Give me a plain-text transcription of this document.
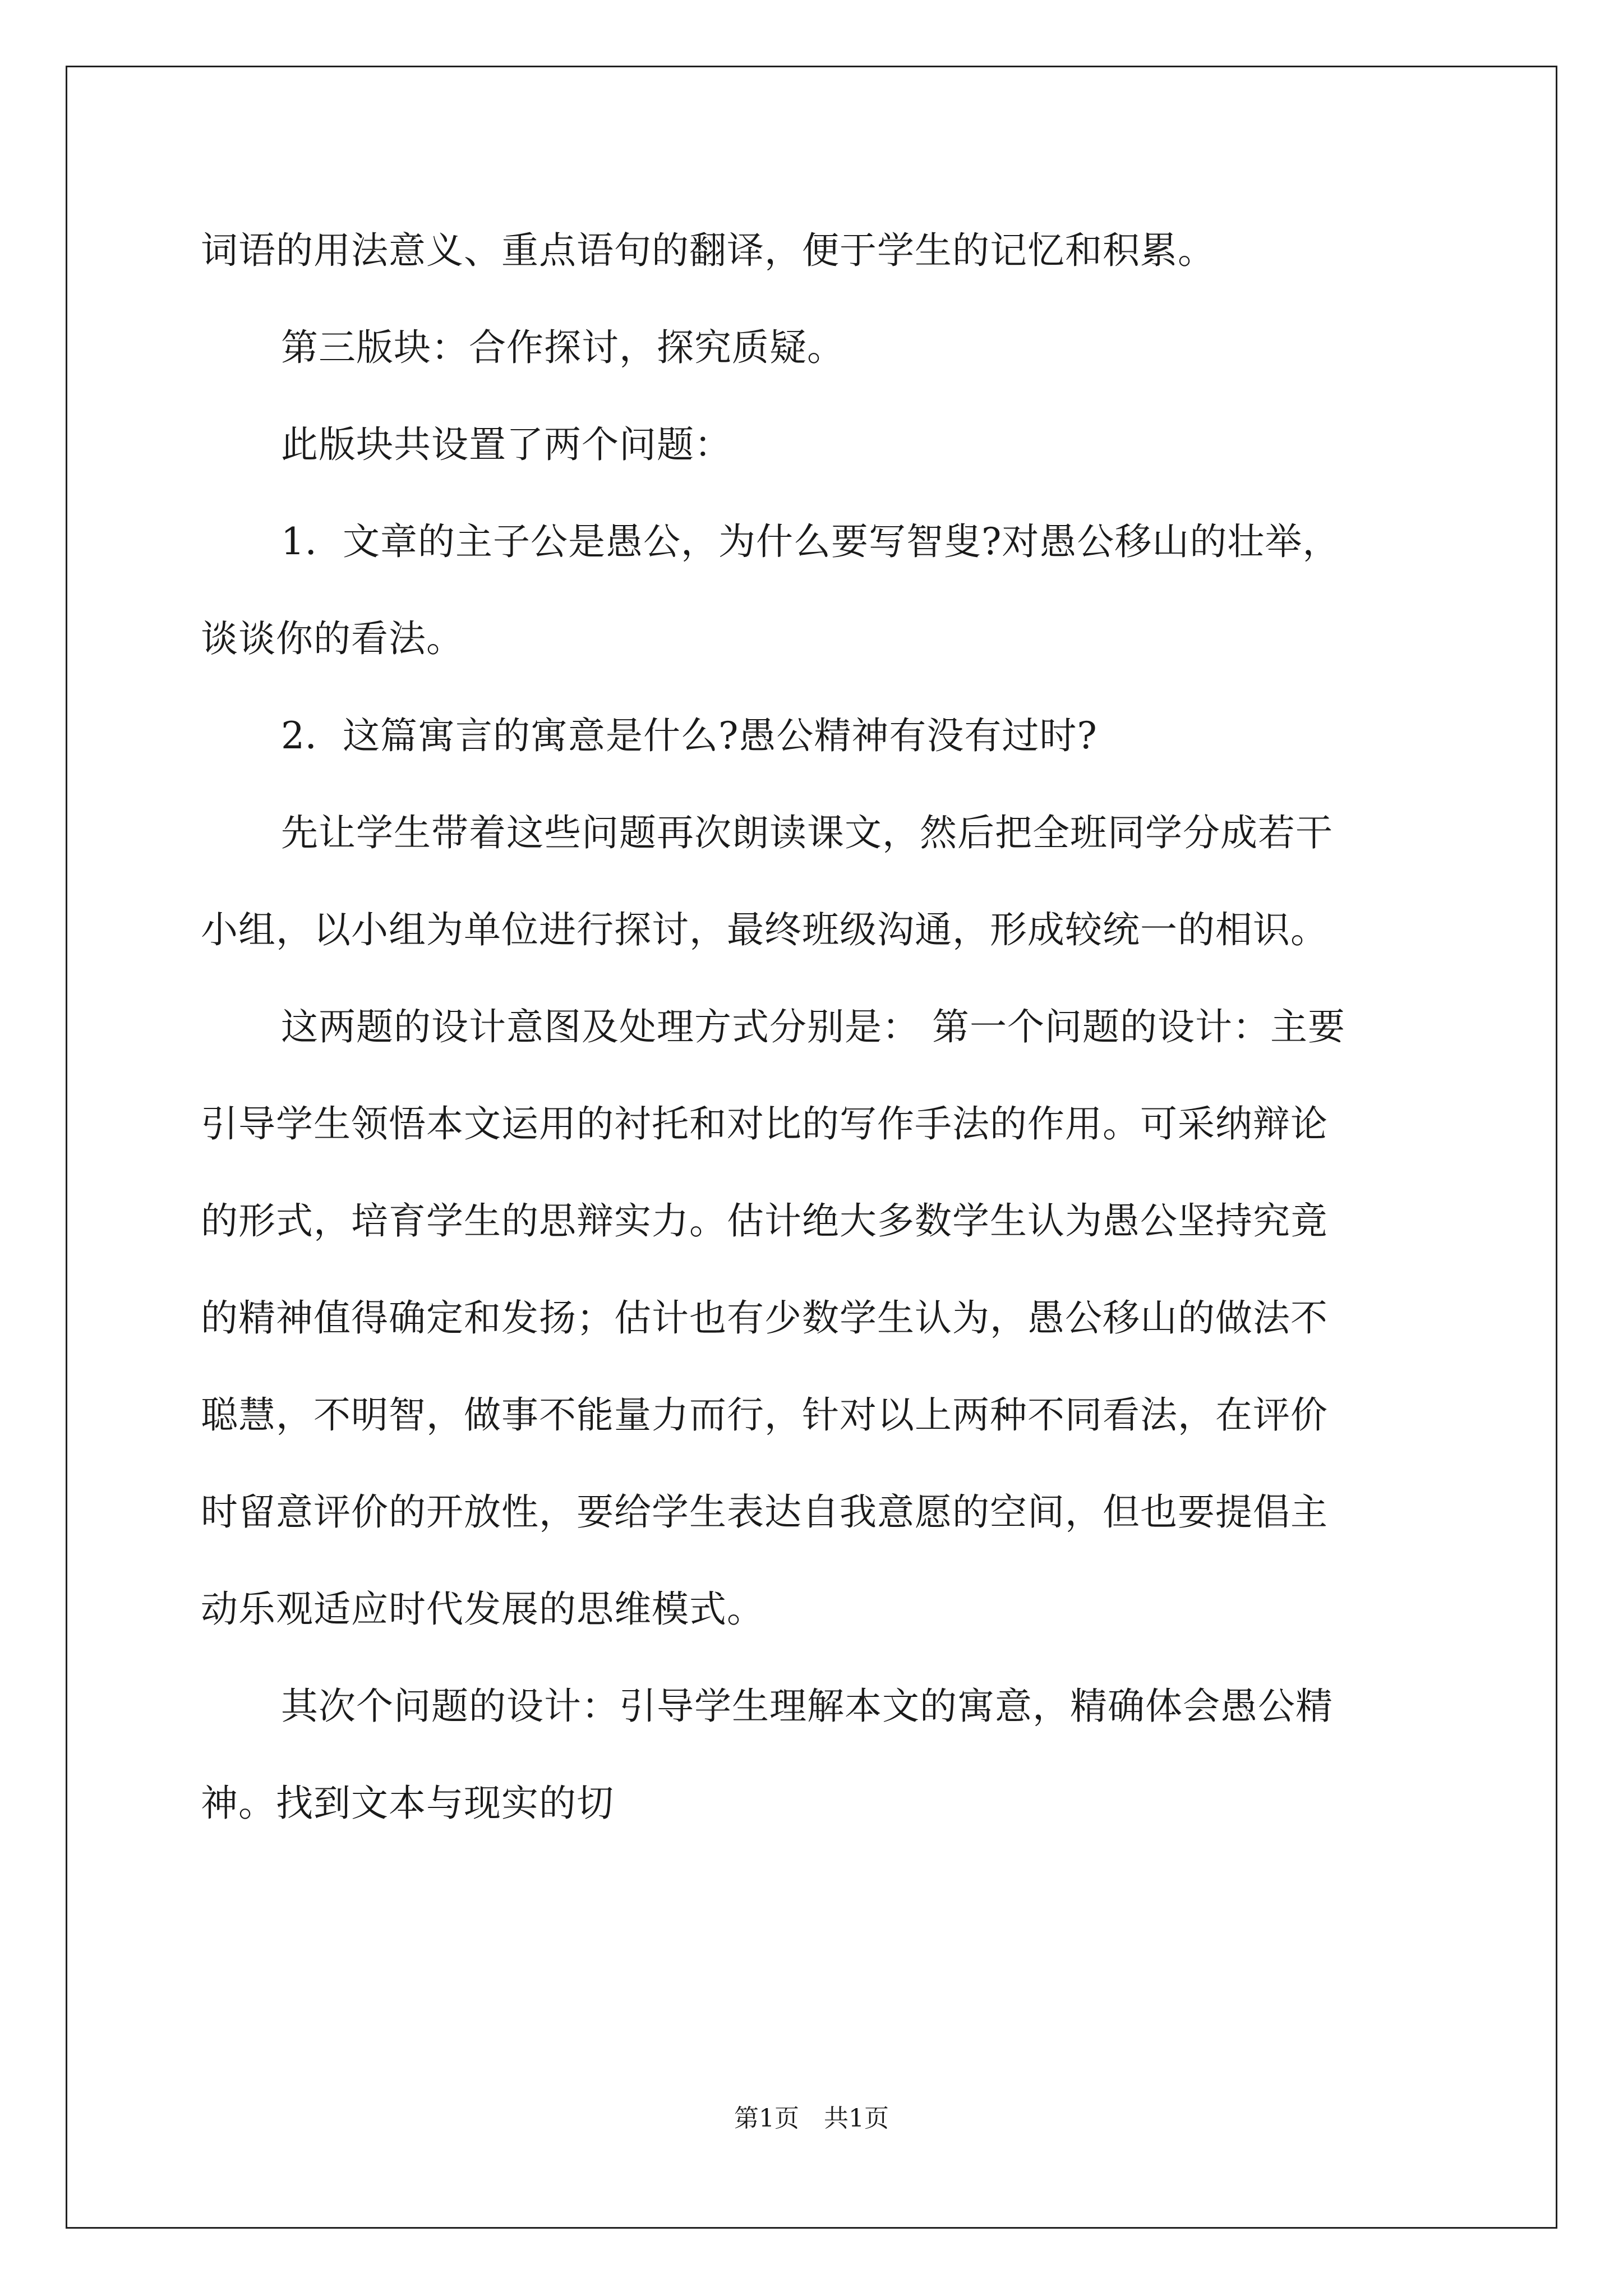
词语的用法意义、重点语句的翻译，便于学生的记忆和积累。
第三版块：合作探讨，探究质疑。
此版块共设置了两个问题：
1．文章的主子公是愚公，为什么要写智叟?对愚公移山的壮举，
谈谈你的看法。
2．这篇寓言的寓意是什么?愚公精神有没有过时?
先让学生带着这些问题再次朗读课文，然后把全班同学分成若干
小组，以小组为单位进行探讨，最终班级沟通，形成较统一的相识。
这两题的设计意图及处理方式分别是： 第一个问题的设计：主要
引导学生领悟本文运用的衬托和对比的写作手法的作用。可采纳辩论
的形式，培育学生的思辩实力。估计绝大多数学生认为愚公坚持究竟
的精神值得确定和发扬；估计也有少数学生认为，愚公移山的做法不
聪慧，不明智，做事不能量力而行，针对以上两种不同看法，在评价
时留意评价的开放性，要给学生表达自我意愿的空间，但也要提倡主
动乐观适应时代发展的思维模式。
其次个问题的设计：引导学生理解本文的寓意，精确体会愚公精
神。找到文本与现实的切
第1页　共1页
